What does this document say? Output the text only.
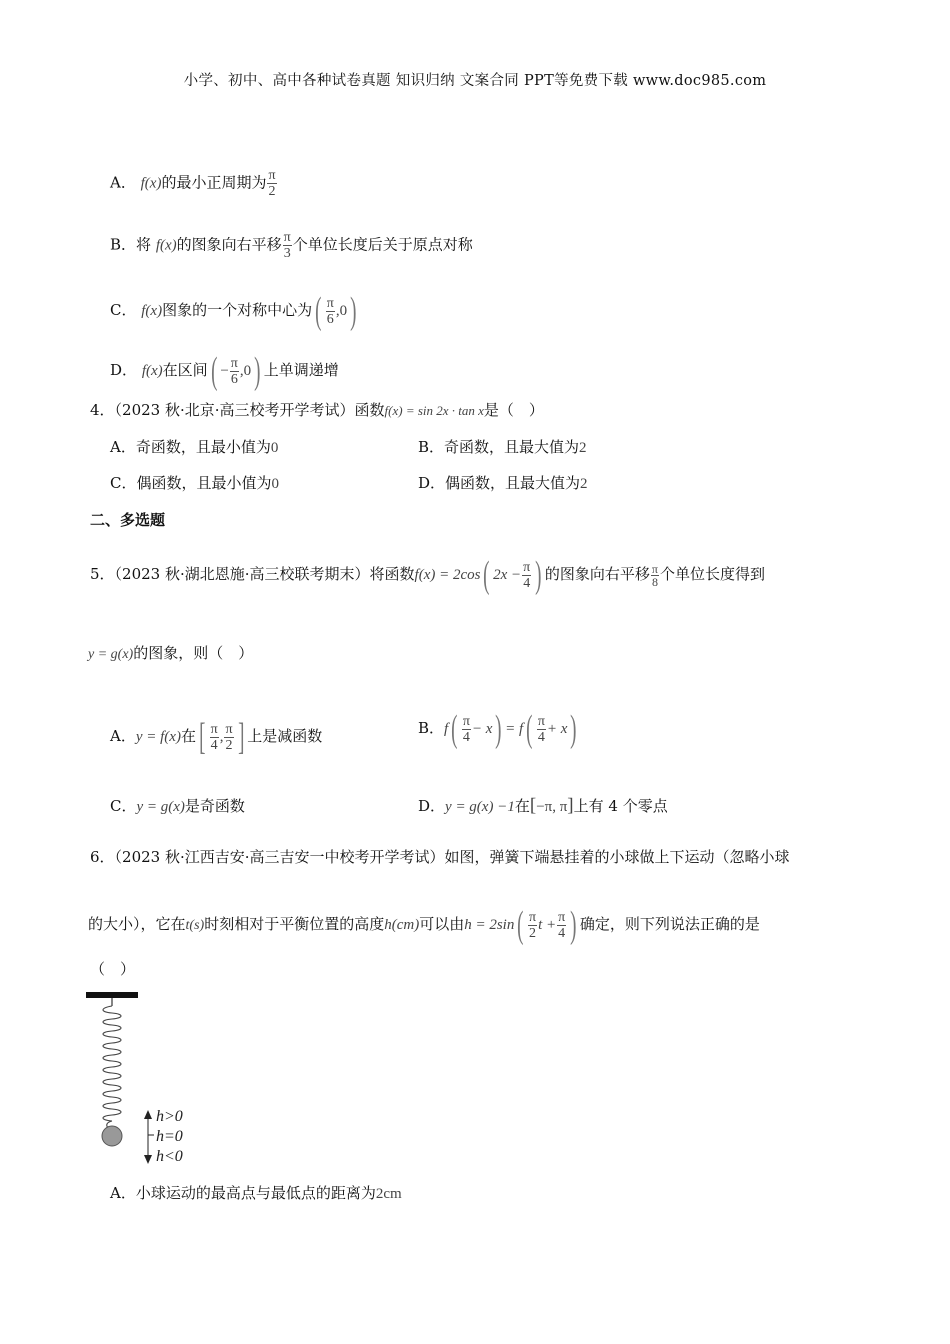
小学、初中、高中各种试卷真题 知识归纳 文案合同 PPT等免费下载 www.doc985.com
A． f(x)的最小正周期为 $\frac{\pi}{2}$
B．将 f(x)的图象向右平移 $\frac{\pi}{3}$ 个单位长度后关于原点对称
C． f(x)图象的一个对称中心为( $\frac{\pi}{6} ,0$)
D． f(x)在区间( − $\frac{\pi}{6} ,0$) 上单调递增
4．（2023 秋·北京·高三校考开学考试）函数f(x) = sin 2x · tan x是（　）
A．奇函数，且最小值为0	B．奇函数，且最大值为2
C．偶函数，且最小值为0	D．偶函数，且最大值为2
二、多选题
5．（2023 秋·湖北恩施·高三校联考期末）将函数f(x) = 2cos( $2x - \frac{\pi}{4}$ ) 的图象向右平移 $\frac{\pi}{8}$ 个单位长度得到
y = g(x)的图象，则（　）
A．y = f(x)在[ $\frac{\pi}{4}$ , $\frac{\pi}{2}$ ] 上是减函数	B．$f( \frac{\pi}{4} - x) = f( \frac{\pi}{4} + x)$
C．y = g(x)是奇函数	D．y = g(x) −1在[−π, π]上有 4 个零点
6．（2023 秋·江西吉安·高三吉安一中校考开学考试）如图，弹簧下端悬挂着的小球做上下运动（忽略小球
的大小），它在t(s)时刻相对于平衡位置的高度h(cm)可以由$h = 2\sin( \frac{\pi}{2}$ $t + \frac{\pi}{4}$ ) 确定，则下列说法正确的是
（　）
h>0
h=0
h<0
A．小球运动的最高点与最低点的距离为2cm
